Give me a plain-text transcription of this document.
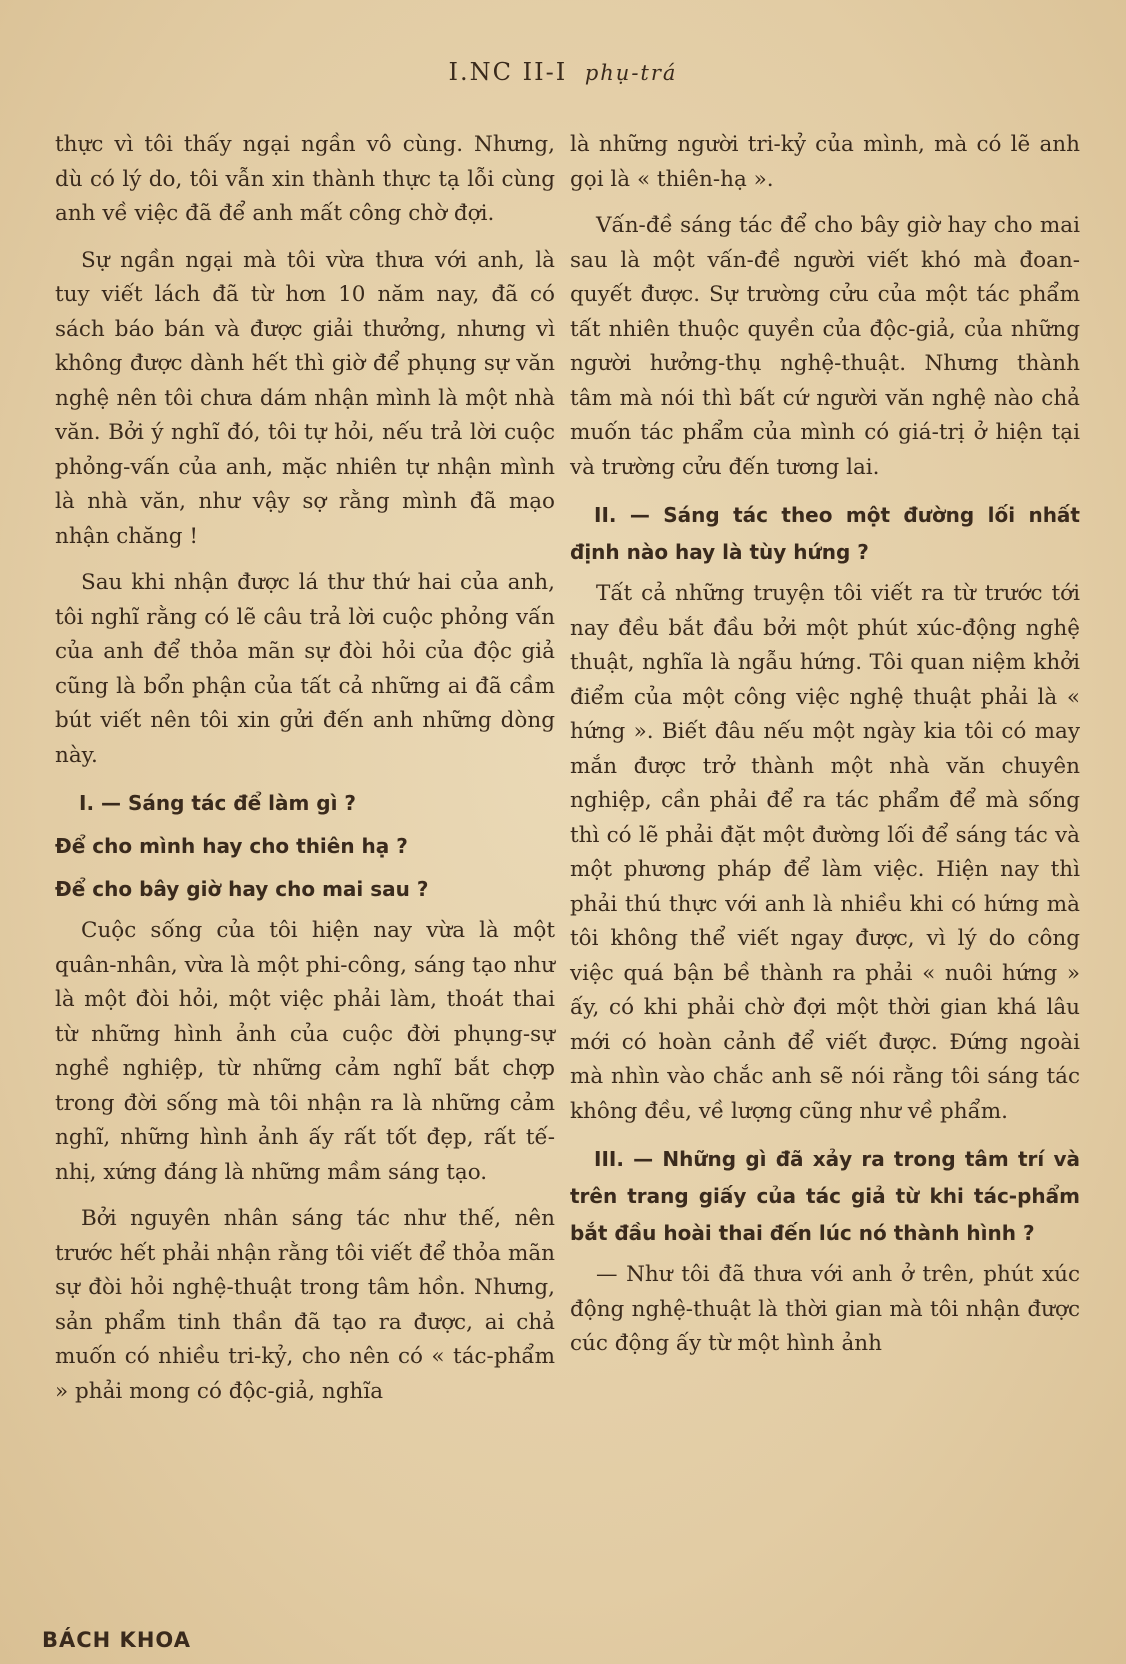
I.NC II-I phụ-trá

thực vì tôi thấy ngại ngần vô cùng. Nhưng, dù có lý do, tôi vẫn xin thành thực tạ lỗi cùng anh về việc đã để anh mất công chờ đợi.

Sự ngần ngại mà tôi vừa thưa với anh, là tuy viết lách đã từ hơn 10 năm nay, đã có sách báo bán và được giải thưởng, nhưng vì không được dành hết thì giờ để phụng sự văn nghệ nên tôi chưa dám nhận mình là một nhà văn. Bởi ý nghĩ đó, tôi tự hỏi, nếu trả lời cuộc phỏng-vấn của anh, mặc nhiên tự nhận mình là nhà văn, như vậy sợ rằng mình đã mạo nhận chăng !

Sau khi nhận được lá thư thứ hai của anh, tôi nghĩ rằng có lẽ câu trả lời cuộc phỏng vấn của anh để thỏa mãn sự đòi hỏi của độc giả cũng là bổn phận của tất cả những ai đã cầm bút viết nên tôi xin gửi đến anh những dòng này.

I. — Sáng tác để làm gì ?
Để cho mình hay cho thiên hạ ?
Để cho bây giờ hay cho mai sau ?

Cuộc sống của tôi hiện nay vừa là một quân-nhân, vừa là một phi-công, sáng tạo như là một đòi hỏi, một việc phải làm, thoát thai từ những hình ảnh của cuộc đời phụng-sự nghề nghiệp, từ những cảm nghĩ bắt chợp trong đời sống mà tôi nhận ra là những cảm nghĩ, những hình ảnh ấy rất tốt đẹp, rất tế-nhị, xứng đáng là những mầm sáng tạo.

Bởi nguyên nhân sáng tác như thế, nên trước hết phải nhận rằng tôi viết để thỏa mãn sự đòi hỏi nghệ-thuật trong tâm hồn. Nhưng, sản phẩm tinh thần đã tạo ra được, ai chả muốn có nhiều tri-kỷ, cho nên có « tác-phẩm » phải mong có độc-giả, nghĩa

là những người tri-kỷ của mình, mà có lẽ anh gọi là « thiên-hạ ».

Vấn-đề sáng tác để cho bây giờ hay cho mai sau là một vấn-đề người viết khó mà đoan-quyết được. Sự trường cửu của một tác phẩm tất nhiên thuộc quyền của độc-giả, của những người hưởng-thụ nghệ-thuật. Nhưng thành tâm mà nói thì bất cứ người văn nghệ nào chả muốn tác phẩm của mình có giá-trị ở hiện tại và trường cửu đến tương lai.

II. — Sáng tác theo một đường lối nhất định nào hay là tùy hứng ?

Tất cả những truyện tôi viết ra từ trước tới nay đều bắt đầu bởi một phút xúc-động nghệ thuật, nghĩa là ngẫu hứng. Tôi quan niệm khởi điểm của một công việc nghệ thuật phải là « hứng ». Biết đâu nếu một ngày kia tôi có may mắn được trở thành một nhà văn chuyên nghiệp, cần phải để ra tác phẩm để mà sống thì có lẽ phải đặt một đường lối để sáng tác và một phương pháp để làm việc. Hiện nay thì phải thú thực với anh là nhiều khi có hứng mà tôi không thể viết ngay được, vì lý do công việc quá bận bề thành ra phải « nuôi hứng » ấy, có khi phải chờ đợi một thời gian khá lâu mới có hoàn cảnh để viết được. Đứng ngoài mà nhìn vào chắc anh sẽ nói rằng tôi sáng tác không đều, về lượng cũng như về phẩm.

III. — Những gì đã xảy ra trong tâm trí và trên trang giấy của tác giả từ khi tác-phẩm bắt đầu hoài thai đến lúc nó thành hình ?

— Như tôi đã thưa với anh ở trên, phút xúc động nghệ-thuật là thời gian mà tôi nhận được cúc động ấy từ một hình ảnh

BÁCH KHOA
